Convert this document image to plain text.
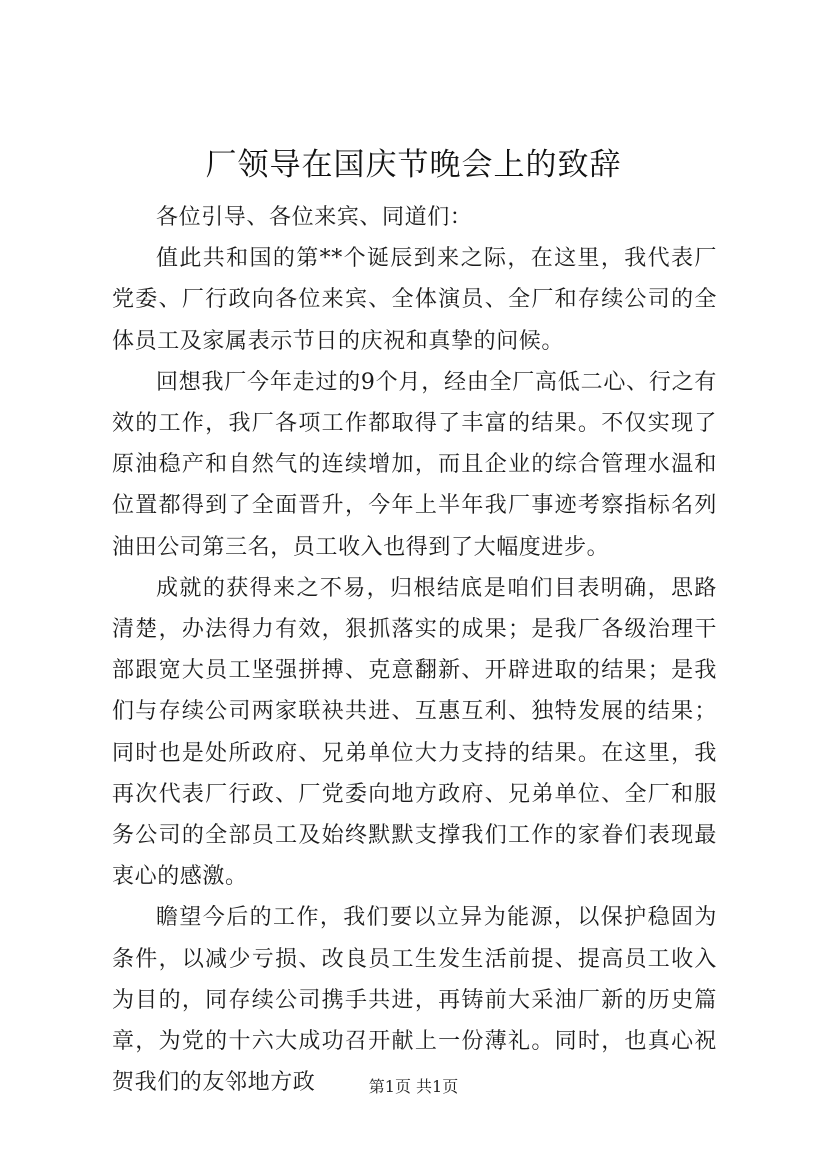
厂领导在国庆节晚会上的致辞

各位引导、各位来宾、同道们：

值此共和国的第**个诞辰到来之际，在这里，我代表厂党委、厂行政向各位来宾、全体演员、全厂和存续公司的全体员工及家属表示节日的庆祝和真挚的问候。

回想我厂今年走过的9个月，经由全厂高低二心、行之有效的工作，我厂各项工作都取得了丰富的结果。不仅实现了原油稳产和自然气的连续增加，而且企业的综合管理水温和位置都得到了全面晋升，今年上半年我厂事迹考察指标名列油田公司第三名，员工收入也得到了大幅度进步。

成就的获得来之不易，归根结底是咱们目表明确，思路清楚，办法得力有效，狠抓落实的成果；是我厂各级治理干部跟宽大员工坚强拼搏、克意翻新、开辟进取的结果；是我们与存续公司两家联袂共进、互惠互利、独特发展的结果；同时也是处所政府、兄弟单位大力支持的结果。在这里，我再次代表厂行政、厂党委向地方政府、兄弟单位、全厂和服务公司的全部员工及始终默默支撑我们工作的家眷们表现最衷心的感激。

瞻望今后的工作，我们要以立异为能源，以保护稳固为条件，以减少亏损、改良员工生发生活前提、提高员工收入为目的，同存续公司携手共进，再铸前大采油厂新的历史篇章，为党的十六大成功召开献上一份薄礼。同时，也真心祝贺我们的友邻地方政	第1页 共1页
